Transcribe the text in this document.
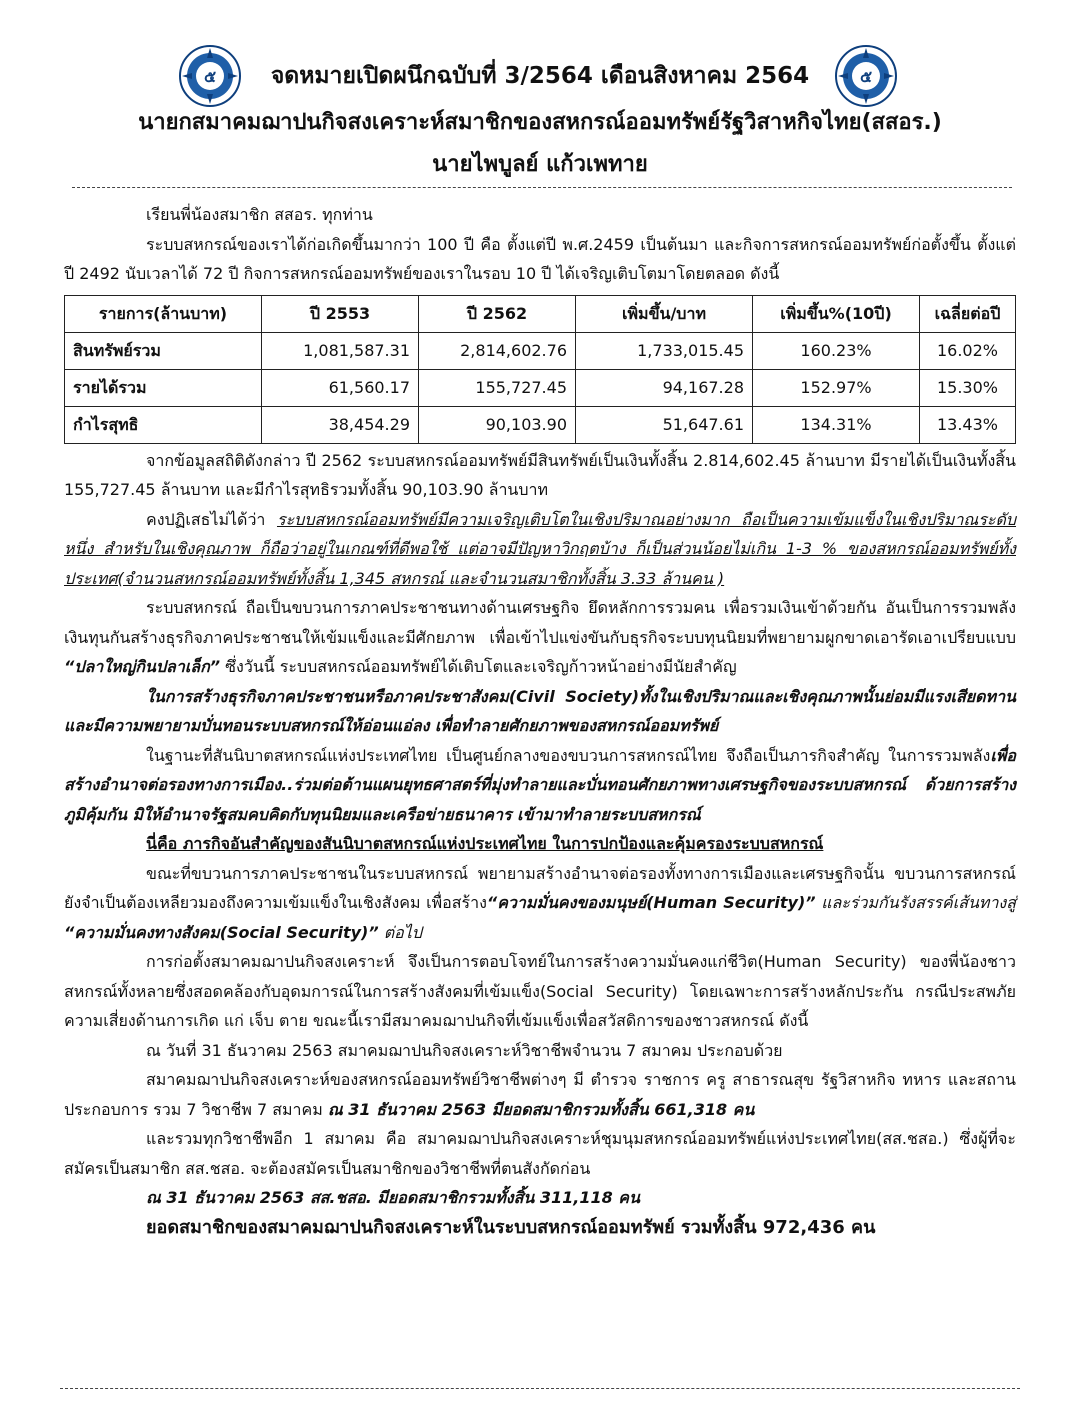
๕	๕
จดหมายเปิดผนึกฉบับที่ 3/2564 เดือนสิงหาคม 2564
นายกสมาคมฌาปนกิจสงเคราะห์สมาชิกของสหกรณ์ออมทรัพย์รัฐวิสาหกิจไทย(สสอร.)
นายไพบูลย์ แก้วเพทาย

เรียนพี่น้องสมาชิก สสอร. ทุกท่าน

ระบบสหกรณ์ของเราได้ก่อเกิดขึ้นมากว่า 100 ปี คือ ตั้งแต่ปี พ.ศ.2459 เป็นต้นมา และกิจการสหกรณ์ออมทรัพย์ก่อตั้งขึ้น ตั้งแต่ปี 2492 นับเวลาได้ 72 ปี กิจการสหกรณ์ออมทรัพย์ของเราในรอบ 10 ปี ได้เจริญเติบโตมาโดยตลอด ดังนี้

รายการ(ล้านบาท)	ปี 2553	ปี 2562	เพิ่มขึ้น/บาท	เพิ่มขึ้น%(10ปี)	เฉลี่ยต่อปี
สินทรัพย์รวม	1,081,587.31	2,814,602.76	1,733,015.45	160.23%	16.02%
รายได้รวม	61,560.17	155,727.45	94,167.28	152.97%	15.30%
กำไรสุทธิ	38,454.29	90,103.90	51,647.61	134.31%	13.43%

จากข้อมูลสถิติดังกล่าว ปี 2562 ระบบสหกรณ์ออมทรัพย์มีสินทรัพย์เป็นเงินทั้งสิ้น 2.814,602.45 ล้านบาท มีรายได้เป็นเงินทั้งสิ้น 155,727.45 ล้านบาท และมีกำไรสุทธิรวมทั้งสิ้น 90,103.90 ล้านบาท

คงปฏิเสธไม่ได้ว่า ระบบสหกรณ์ออมทรัพย์มีความเจริญเติบโตในเชิงปริมาณอย่างมาก ถือเป็นความเข้มแข็งในเชิงปริมาณระดับหนึ่ง สำหรับในเชิงคุณภาพ ก็ถือว่าอยู่ในเกณฑ์ที่ดีพอใช้ แต่อาจมีปัญหาวิกฤตบ้าง ก็เป็นส่วนน้อยไม่เกิน 1-3 % ของสหกรณ์ออมทรัพย์ทั้งประเทศ(จำนวนสหกรณ์ออมทรัพย์ทั้งสิ้น 1,345 สหกรณ์ และจำนวนสมาชิกทั้งสิ้น 3.33 ล้านคน )

ระบบสหกรณ์ ถือเป็นขบวนการภาคประชาชนทางด้านเศรษฐกิจ ยึดหลักการรวมคน เพื่อรวมเงินเข้าด้วยกัน อันเป็นการรวมพลังเงินทุนกันสร้างธุรกิจภาคประชาชนให้เข้มแข็งและมีศักยภาพ เพื่อเข้าไปแข่งขันกับธุรกิจระบบทุนนิยมที่พยายามผูกขาดเอารัดเอาเปรียบแบบ “ปลาใหญ่กินปลาเล็ก” ซึ่งวันนี้ ระบบสหกรณ์ออมทรัพย์ได้เติบโตและเจริญก้าวหน้าอย่างมีนัยสำคัญ

ในการสร้างธุรกิจภาคประชาชนหรือภาคประชาสังคม(Civil Society)ทั้งในเชิงปริมาณและเชิงคุณภาพนั้นย่อมมีแรงเสียดทานและมีความพยายามบั่นทอนระบบสหกรณ์ให้อ่อนแอ่ลง เพื่อทำลายศักยภาพของสหกรณ์ออมทรัพย์

ในฐานะที่สันนิบาตสหกรณ์แห่งประเทศไทย เป็นศูนย์กลางของขบวนการสหกรณ์ไทย จึงถือเป็นภารกิจสำคัญ ในการรวมพลังเพื่อสร้างอำนาจต่อรองทางการเมือง..ร่วมต่อต้านแผนยุทธศาสตร์ที่มุ่งทำลายและบั่นทอนศักยภาพทางเศรษฐกิจของระบบสหกรณ์ ด้วยการสร้างภูมิคุ้มกัน มิให้อำนาจรัฐสมคบคิดกับทุนนิยมและเครือข่ายธนาคาร เข้ามาทำลายระบบสหกรณ์

นี่คือ ภารกิจอันสำคัญของสันนิบาตสหกรณ์แห่งประเทศไทย ในการปกป้องและคุ้มครองระบบสหกรณ์

ขณะที่ขบวนการภาคประชาชนในระบบสหกรณ์ พยายามสร้างอำนาจต่อรองทั้งทางการเมืองและเศรษฐกิจนั้น ขบวนการสหกรณ์ยังจำเป็นต้องเหลียวมองถึงความเข้มแข็งในเชิงสังคม เพื่อสร้าง“ความมั่นคงของมนุษย์(Human Security)” และร่วมกันรังสรรค์เส้นทางสู่ “ความมั่นคงทางสังคม(Social Security)” ต่อไป

การก่อตั้งสมาคมฌาปนกิจสงเคราะห์ จึงเป็นการตอบโจทย์ในการสร้างความมั่นคงแก่ชีวิต(Human Security) ของพี่น้องชาวสหกรณ์ทั้งหลายซึ่งสอดคล้องกับอุดมการณ์ในการสร้างสังคมที่เข้มแข็ง(Social Security) โดยเฉพาะการสร้างหลักประกัน กรณีประสพภัยความเสี่ยงด้านการเกิด แก่ เจ็บ ตาย ขณะนี้เรามีสมาคมฌาปนกิจที่เข้มแข็งเพื่อสวัสดิการของชาวสหกรณ์ ดังนี้

ณ วันที่ 31 ธันวาคม 2563 สมาคมฌาปนกิจสงเคราะห์วิชาชีพจำนวน 7 สมาคม ประกอบด้วย

สมาคมฌาปนกิจสงเคราะห์ของสหกรณ์ออมทรัพย์วิชาชีพต่างๆ มี ตำรวจ ราชการ ครู สาธารณสุข รัฐวิสาหกิจ ทหาร และสถานประกอบการ รวม 7 วิชาชีพ 7 สมาคม ณ 31 ธันวาคม 2563 มียอดสมาชิกรวมทั้งสิ้น 661,318 คน

และรวมทุกวิชาชีพอีก 1 สมาคม คือ สมาคมฌาปนกิจสงเคราะห์ชุมนุมสหกรณ์ออมทรัพย์แห่งประเทศไทย(สส.ชสอ.) ซึ่งผู้ที่จะสมัครเป็นสมาชิก สส.ชสอ. จะต้องสมัครเป็นสมาชิกของวิชาชีพที่ตนสังกัดก่อน

ณ 31 ธันวาคม 2563 สส.ชสอ. มียอดสมาชิกรวมทั้งสิ้น 311,118 คน

ยอดสมาชิกของสมาคมฌาปนกิจสงเคราะห์ในระบบสหกรณ์ออมทรัพย์ รวมทั้งสิ้น 972,436 คน
